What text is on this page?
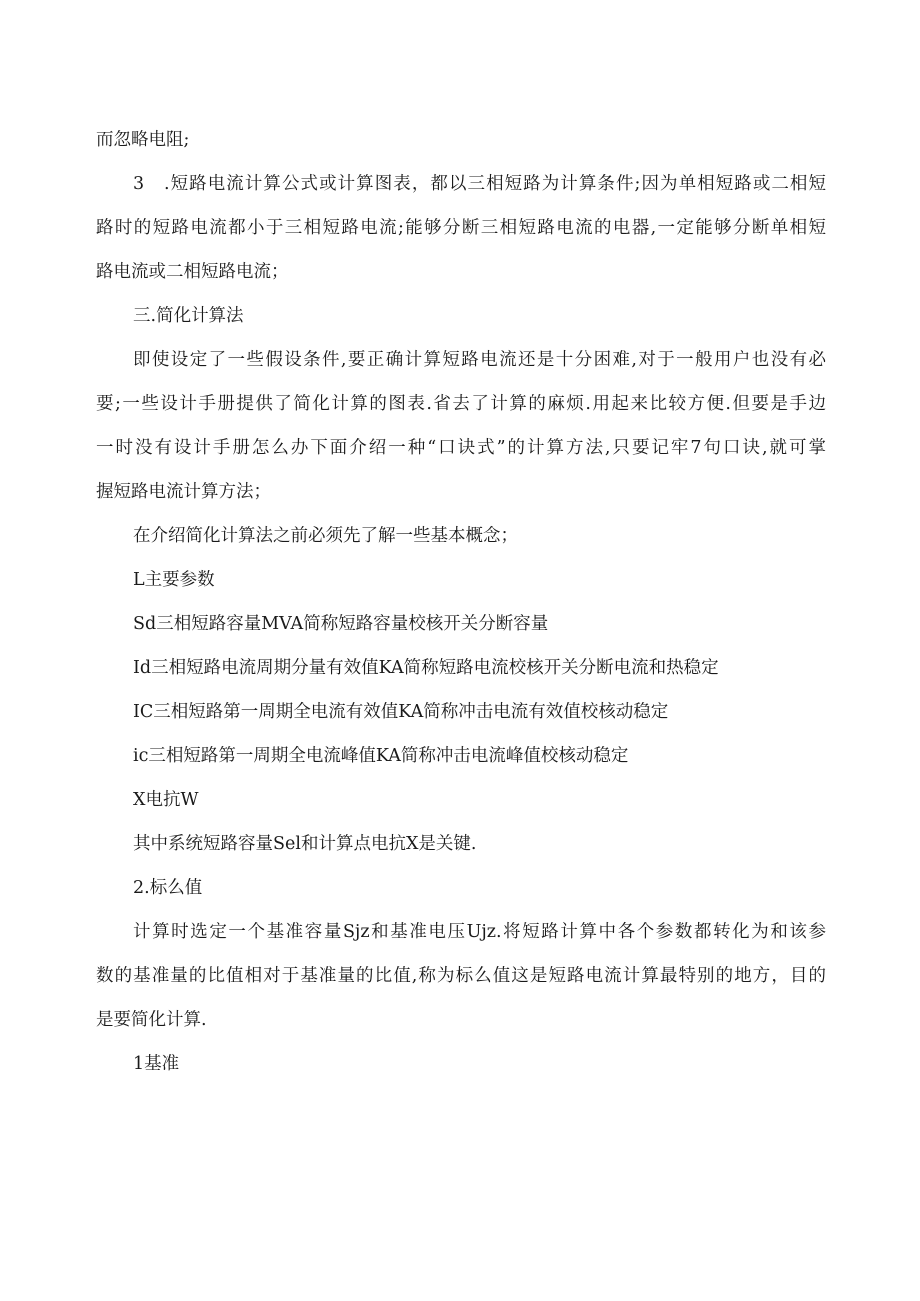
而忽略电阻;
3 .短路电流计算公式或计算图表，都以三相短路为计算条件;因为单相短路或二相短
路时的短路电流都小于三相短路电流;能够分断三相短路电流的电器,一定能够分断单相短
路电流或二相短路电流；
三.简化计算法
即使设定了一些假设条件,要正确计算短路电流还是十分困难,对于一般用户也没有必
要;一些设计手册提供了简化计算的图表.省去了计算的麻烦.用起来比较方便.但要是手边
一时没有设计手册怎么办下面介绍一种“口诀式”的计算方法,只要记牢7句口诀,就可掌
握短路电流计算方法；
在介绍简化计算法之前必须先了解一些基本概念；
L主要参数
Sd三相短路容量MVA简称短路容量校核开关分断容量
Id三相短路电流周期分量有效值KA简称短路电流校核开关分断电流和热稳定
IC三相短路第一周期全电流有效值KA简称冲击电流有效值校核动稳定
ic三相短路第一周期全电流峰值KA简称冲击电流峰值校核动稳定
X电抗W
其中系统短路容量Sel和计算点电抗X是关键.
2.标么值
计算时选定一个基准容量Sjz和基准电压Ujz.将短路计算中各个参数都转化为和该参
数的基准量的比值相对于基准量的比值,称为标么值这是短路电流计算最特别的地方，目的
是要简化计算.
1基准
